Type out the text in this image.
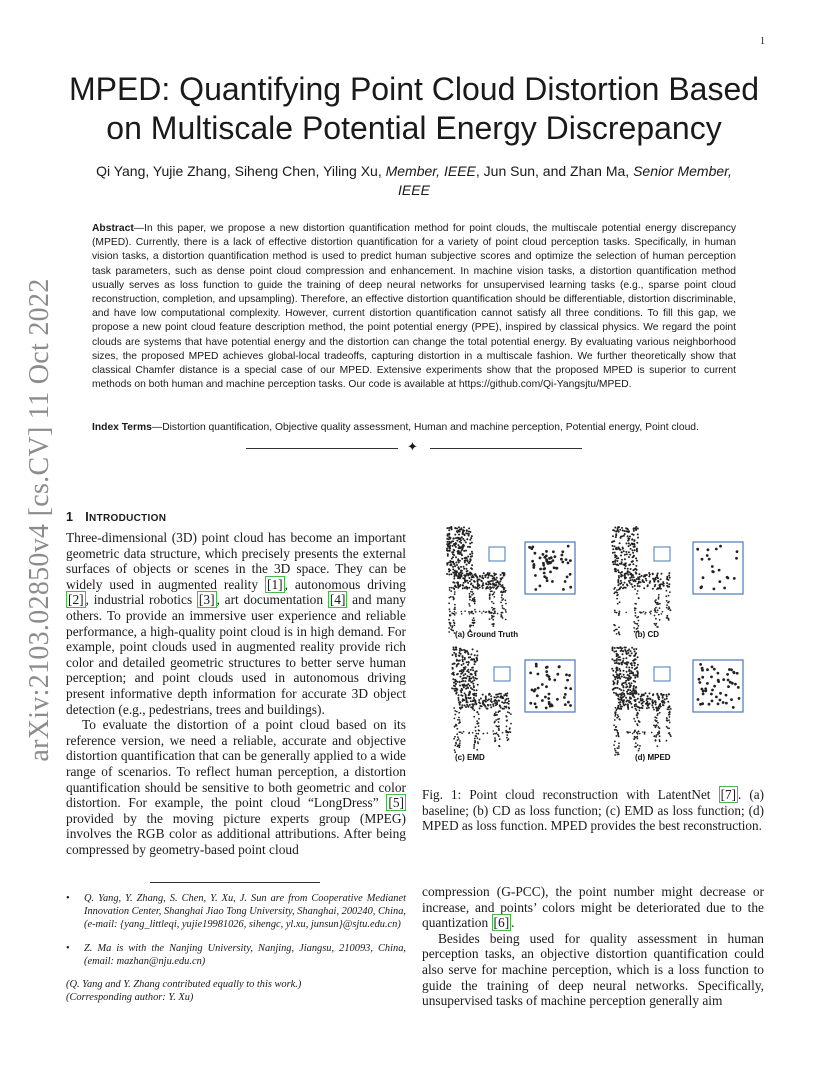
1
arXiv:2103.02850v4 [cs.CV] 11 Oct 2022
MPED: Quantifying Point Cloud Distortion Based on Multiscale Potential Energy Discrepancy
Qi Yang, Yujie Zhang, Siheng Chen, Yiling Xu, Member, IEEE, Jun Sun, and Zhan Ma, Senior Member, IEEE

Abstract—In this paper, we propose a new distortion quantification method for point clouds, the multiscale potential energy discrepancy (MPED). Currently, there is a lack of effective distortion quantification for a variety of point cloud perception tasks. Specifically, in human vision tasks, a distortion quantification method is used to predict human subjective scores and optimize the selection of human perception task parameters, such as dense point cloud compression and enhancement. In machine vision tasks, a distortion quantification method usually serves as loss function to guide the training of deep neural networks for unsupervised learning tasks (e.g., sparse point cloud reconstruction, completion, and upsampling). Therefore, an effective distortion quantification should be differentiable, distortion discriminable, and have low computational complexity. However, current distortion quantification cannot satisfy all three conditions. To fill this gap, we propose a new point cloud feature description method, the point potential energy (PPE), inspired by classical physics. We regard the point clouds are systems that have potential energy and the distortion can change the total potential energy. By evaluating various neighborhood sizes, the proposed MPED achieves global-local tradeoffs, capturing distortion in a multiscale fashion. We further theoretically show that classical Chamfer distance is a special case of our MPED. Extensive experiments show that the proposed MPED is superior to current methods on both human and machine perception tasks. Our code is available at https://github.com/Qi-Yangsjtu/MPED.

Index Terms—Distortion quantification, Objective quality assessment, Human and machine perception, Potential energy, Point cloud.

✦
1 INTRODUCTION

Three-dimensional (3D) point cloud has become an important geometric data structure, which precisely presents the external surfaces of objects or scenes in the 3D space. They can be widely used in augmented reality [1] , autonomous driving [2] , industrial robotics [3] , art documentation [4] and many others. To provide an immersive user experience and reliable performance, a high-quality point cloud is in high demand. For example, point clouds used in augmented reality provide rich color and detailed geometric structures to better serve human perception; and point clouds used in autonomous driving present informative depth information for accurate 3D object detection (e.g., pedestrians, trees and buildings).

To evaluate the distortion of a point cloud based on its reference version, we need a reliable, accurate and objective distortion quantification that can be generally applied to a wide range of scenarios. To reflect human perception, a distortion quantification should be sensitive to both geometric and color distortion. For example, the point cloud “LongDress” [5] provided by the moving picture experts group (MPEG) involves the RGB color as additional attributions. After being compressed by geometry-based point cloud

• Q. Yang, Y. Zhang, S. Chen, Y. Xu, J. Sun are from Cooperative Medianet Innovation Center, Shanghai Jiao Tong University, Shanghai, 200240, China, (e-mail: {yang_littleqi, yujie19981026, sihengc, yl.xu, junsun}@sjtu.edu.cn)
• Z. Ma is with the Nanjing University, Nanjing, Jiangsu, 210093, China, (email: mazhan@nju.edu.cn)

(Q. Yang and Y. Zhang contributed equally to this work.)

(Corresponding author: Y. Xu)

(a) Ground Truth	(b) CD
(c) EMD	(d) MPED
Fig. 1: Point cloud reconstruction with LatentNet [7] . (a) baseline; (b) CD as loss function; (c) EMD as loss function; (d) MPED as loss function. MPED provides the best reconstruction.

compression (G-PCC), the point number might decrease or increase, and points’ colors might be deteriorated due to the quantization [6] .

Besides being used for quality assessment in human perception tasks, an objective distortion quantification could also serve for machine perception, which is a loss function to guide the training of deep neural networks. Specifically, unsupervised tasks of machine perception generally aim
